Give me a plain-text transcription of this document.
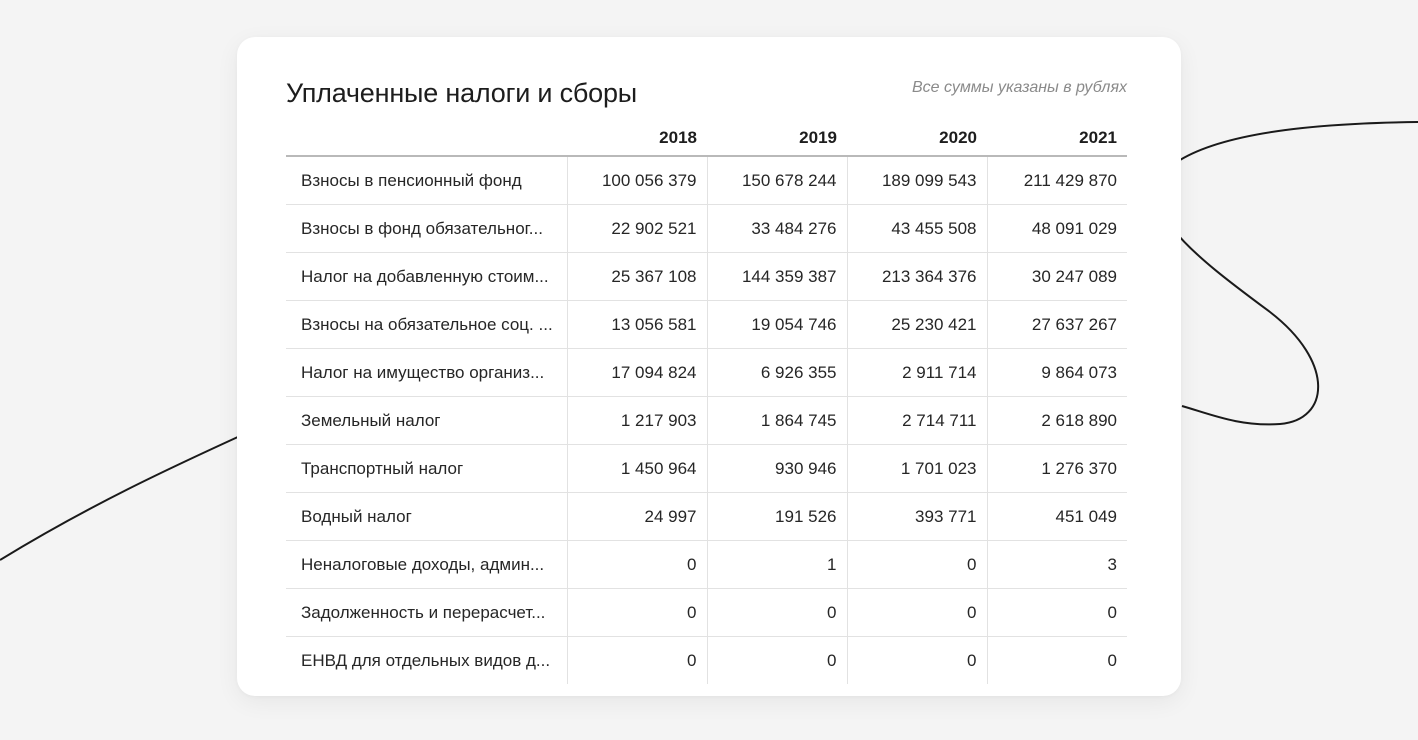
Уплаченные налоги и сборы	Все суммы указаны в рублях
	2018	2019	2020	2021
Взносы в пенсионный фонд	100 056 379	150 678 244	189 099 543	211 429 870
Взносы в фонд обязательног...	22 902 521	33 484 276	43 455 508	48 091 029
Налог на добавленную стоим...	25 367 108	144 359 387	213 364 376	30 247 089
Взносы на обязательное соц. ...	13 056 581	19 054 746	25 230 421	27 637 267
Налог на имущество организ...	17 094 824	6 926 355	2 911 714	9 864 073
Земельный налог	1 217 903	1 864 745	2 714 711	2 618 890
Транспортный налог	1 450 964	930 946	1 701 023	1 276 370
Водный налог	24 997	191 526	393 771	451 049
Неналоговые доходы, админ...	0	1	0	3
Задолженность и перерасчет...	0	0	0	0
ЕНВД для отдельных видов д...	0	0	0	0
